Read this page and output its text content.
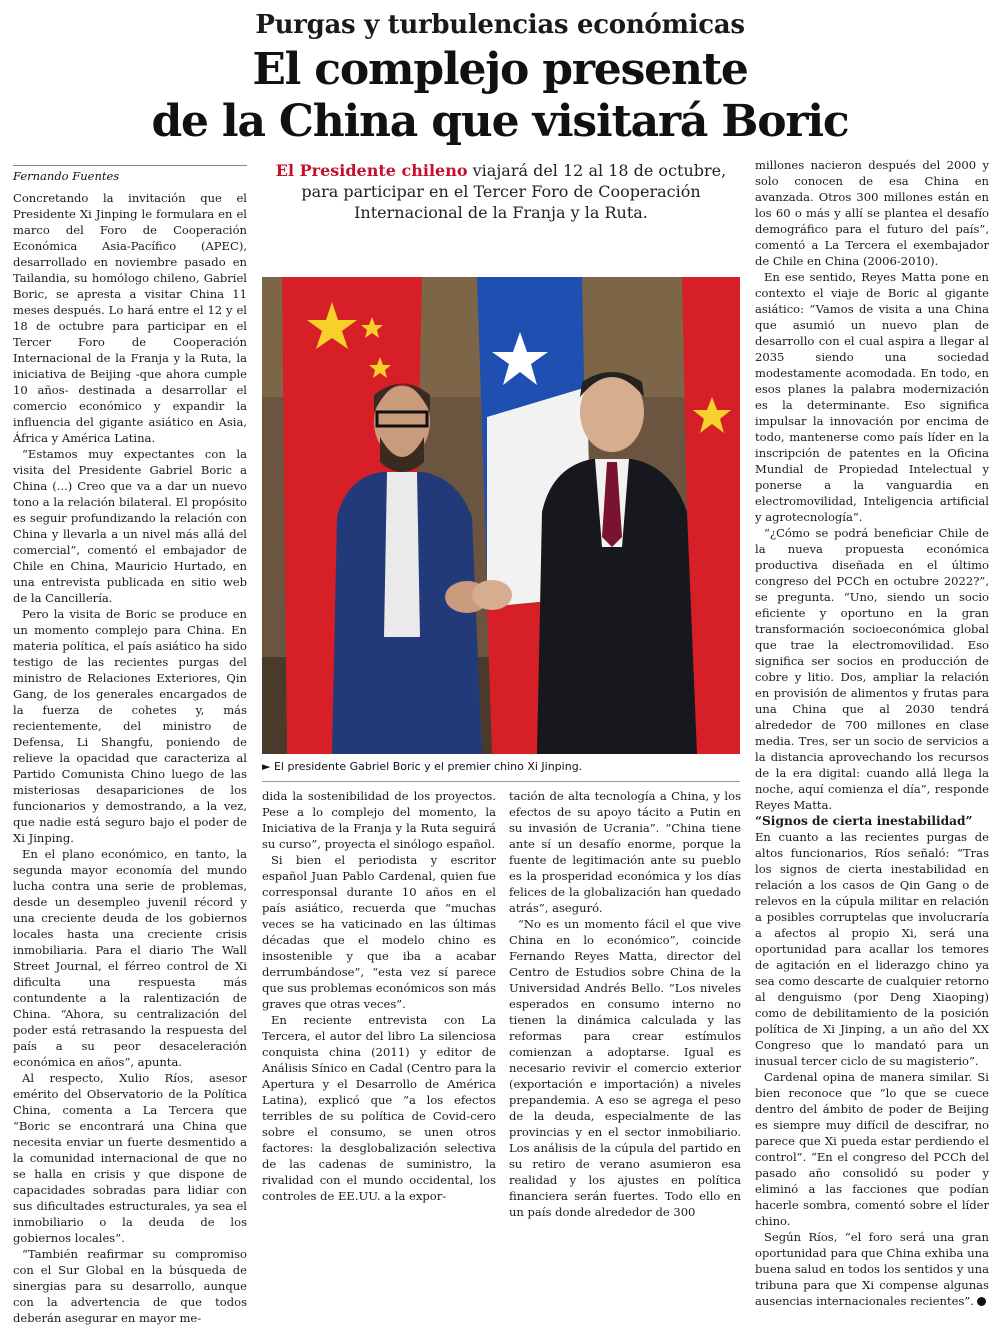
Purgas y turbulencias económicas
El complejo presente
de la China que visitará Boric
Fernando Fuentes

Concretando la invitación que el Presidente Xi Jinping le formulara en el marco del Foro de Cooperación Económica Asia-Pacífico (APEC), desarrollado en noviembre pasado en Tailandia, su homólogo chileno, Gabriel Boric, se apresta a visitar China 11 meses después. Lo hará entre el 12 y el 18 de octubre para participar en el Tercer Foro de Cooperación Internacional de la Franja y la Ruta, la iniciativa de Beijing -que ahora cumple 10 años- destinada a desarrollar el comercio económico y expandir la influencia del gigante asiático en Asia, África y América Latina.

“Estamos muy expectantes con la visita del Presidente Gabriel Boric a China (...) Creo que va a dar un nuevo tono a la relación bilateral. El propósito es seguir profundizando la relación con China y llevarla a un nivel más allá del comercial”, comentó el embajador de Chile en China, Mauricio Hurtado, en una entrevista publicada en sitio web de la Cancillería.

Pero la visita de Boric se produce en un momento complejo para China. En materia política, el país asiático ha sido testigo de las recientes purgas del ministro de Relaciones Exteriores, Qin Gang, de los generales encargados de la fuerza de cohetes y, más recientemente, del ministro de Defensa, Li Shangfu, poniendo de relieve la opacidad que caracteriza al Partido Comunista Chino luego de las misteriosas desapariciones de los funcionarios y demostrando, a la vez, que nadie está seguro bajo el poder de Xi Jinping.

En el plano económico, en tanto, la segunda mayor economía del mundo lucha contra una serie de problemas, desde un desempleo juvenil récord y una creciente deuda de los gobiernos locales hasta una creciente crisis inmobiliaria. Para el diario The Wall Street Journal, el férreo control de Xi dificulta una respuesta más contundente a la ralentización de China. “Ahora, su centralización del poder está retrasando la respuesta del país a su peor desaceleración económica en años”, apunta.

Al respecto, Xulio Ríos, asesor emérito del Observatorio de la Política China, comenta a La Tercera que “Boric se encontrará una China que necesita enviar un fuerte desmentido a la comunidad internacional de que no se halla en crisis y que dispone de capacidades sobradas para lidiar con sus dificultades estructurales, ya sea el inmobiliario o la deuda de los gobiernos locales”.

“También reafirmar su compromiso con el Sur Global en la búsqueda de sinergias para su desarrollo, aunque con la advertencia de que todos deberán asegurar en mayor me-

El Presidente chileno viajará del 12 al 18 de octubre, para participar en el Tercer Foro de Cooperación Internacional de la Franja y la Ruta.
► El presidente Gabriel Boric y el premier chino Xi Jinping.

dida la sostenibilidad de los proyectos. Pese a lo complejo del momento, la Iniciativa de la Franja y la Ruta seguirá su curso”, proyecta el sinólogo español.

Si bien el periodista y escritor español Juan Pablo Cardenal, quien fue corresponsal durante 10 años en el país asiático, recuerda que “muchas veces se ha vaticinado en las últimas décadas que el modelo chino es insostenible y que iba a acabar derrumbándose”, “esta vez sí parece que sus problemas económicos son más graves que otras veces”.

En reciente entrevista con La Tercera, el autor del libro La silenciosa conquista china (2011) y editor de Análisis Sínico en Cadal (Centro para la Apertura y el Desarrollo de América Latina), explicó que “a los efectos terribles de su política de Covid-cero sobre el consumo, se unen otros factores: la desglobalización selectiva de las cadenas de suministro, la rivalidad con el mundo occidental, los controles de EE.UU. a la expor-

tación de alta tecnología a China, y los efectos de su apoyo tácito a Putin en su invasión de Ucrania”. “China tiene ante sí un desafío enorme, porque la fuente de legitimación ante su pueblo es la prosperidad económica y los días felices de la globalización han quedado atrás”, aseguró.

“No es un momento fácil el que vive China en lo económico”, coincide Fernando Reyes Matta, director del Centro de Estudios sobre China de la Universidad Andrés Bello. “Los niveles esperados en consumo interno no tienen la dinámica calculada y las reformas para crear estímulos comienzan a adoptarse. Igual es necesario revivir el comercio exterior (exportación e importación) a niveles prepandemia. A eso se agrega el peso de la deuda, especialmente de las provincias y en el sector inmobiliario. Los análisis de la cúpula del partido en su retiro de verano asumieron esa realidad y los ajustes en política financiera serán fuertes. Todo ello en un país donde alrededor de 300

millones nacieron después del 2000 y solo conocen de esa China en avanzada. Otros 300 millones están en los 60 o más y allí se plantea el desafío demográfico para el futuro del país”, comentó a La Tercera el exembajador de Chile en China (2006-2010).

En ese sentido, Reyes Matta pone en contexto el viaje de Boric al gigante asiático: “Vamos de visita a una China que asumió un nuevo plan de desarrollo con el cual aspira a llegar al 2035 siendo una sociedad modestamente acomodada. En todo, en esos planes la palabra modernización es la determinante. Eso significa impulsar la innovación por encima de todo, mantenerse como país líder en la inscripción de patentes en la Oficina Mundial de Propiedad Intelectual y ponerse a la vanguardia en electromovilidad, Inteligencia artificial y agrotecnología”.

“¿Cómo se podrá beneficiar Chile de la nueva propuesta económica productiva diseñada en el último congreso del PCCh en octubre 2022?”, se pregunta. “Uno, siendo un socio eficiente y oportuno en la gran transformación socioeconómica global que trae la electromovilidad. Eso significa ser socios en producción de cobre y litio. Dos, ampliar la relación en provisión de alimentos y frutas para una China que al 2030 tendrá alrededor de 700 millones en clase media. Tres, ser un socio de servicios a la distancia aprovechando los recursos de la era digital: cuando allá llega la noche, aquí comienza el día”, responde Reyes Matta.

“Signos de cierta inestabilidad”

En cuanto a las recientes purgas de altos funcionarios, Ríos señaló: “Tras los signos de cierta inestabilidad en relación a los casos de Qin Gang o de relevos en la cúpula militar en relación a posibles corruptelas que involucraría a afectos al propio Xi, será una oportunidad para acallar los temores de agitación en el liderazgo chino ya sea como descarte de cualquier retorno al denguismo (por Deng Xiaoping) como de debilitamiento de la posición política de Xi Jinping, a un año del XX Congreso que lo mandató para un inusual tercer ciclo de su magisterio”.

Cardenal opina de manera similar. Si bien reconoce que “lo que se cuece dentro del ámbito de poder de Beijing es siempre muy difícil de descifrar, no parece que Xi pueda estar perdiendo el control”. “En el congreso del PCCh del pasado año consolidó su poder y eliminó a las facciones que podían hacerle sombra, comentó sobre el líder chino.

Según Ríos, “el foro será una gran oportunidad para que China exhiba una buena salud en todos los sentidos y una tribuna para que Xi compense algunas ausencias internacionales recientes”.
